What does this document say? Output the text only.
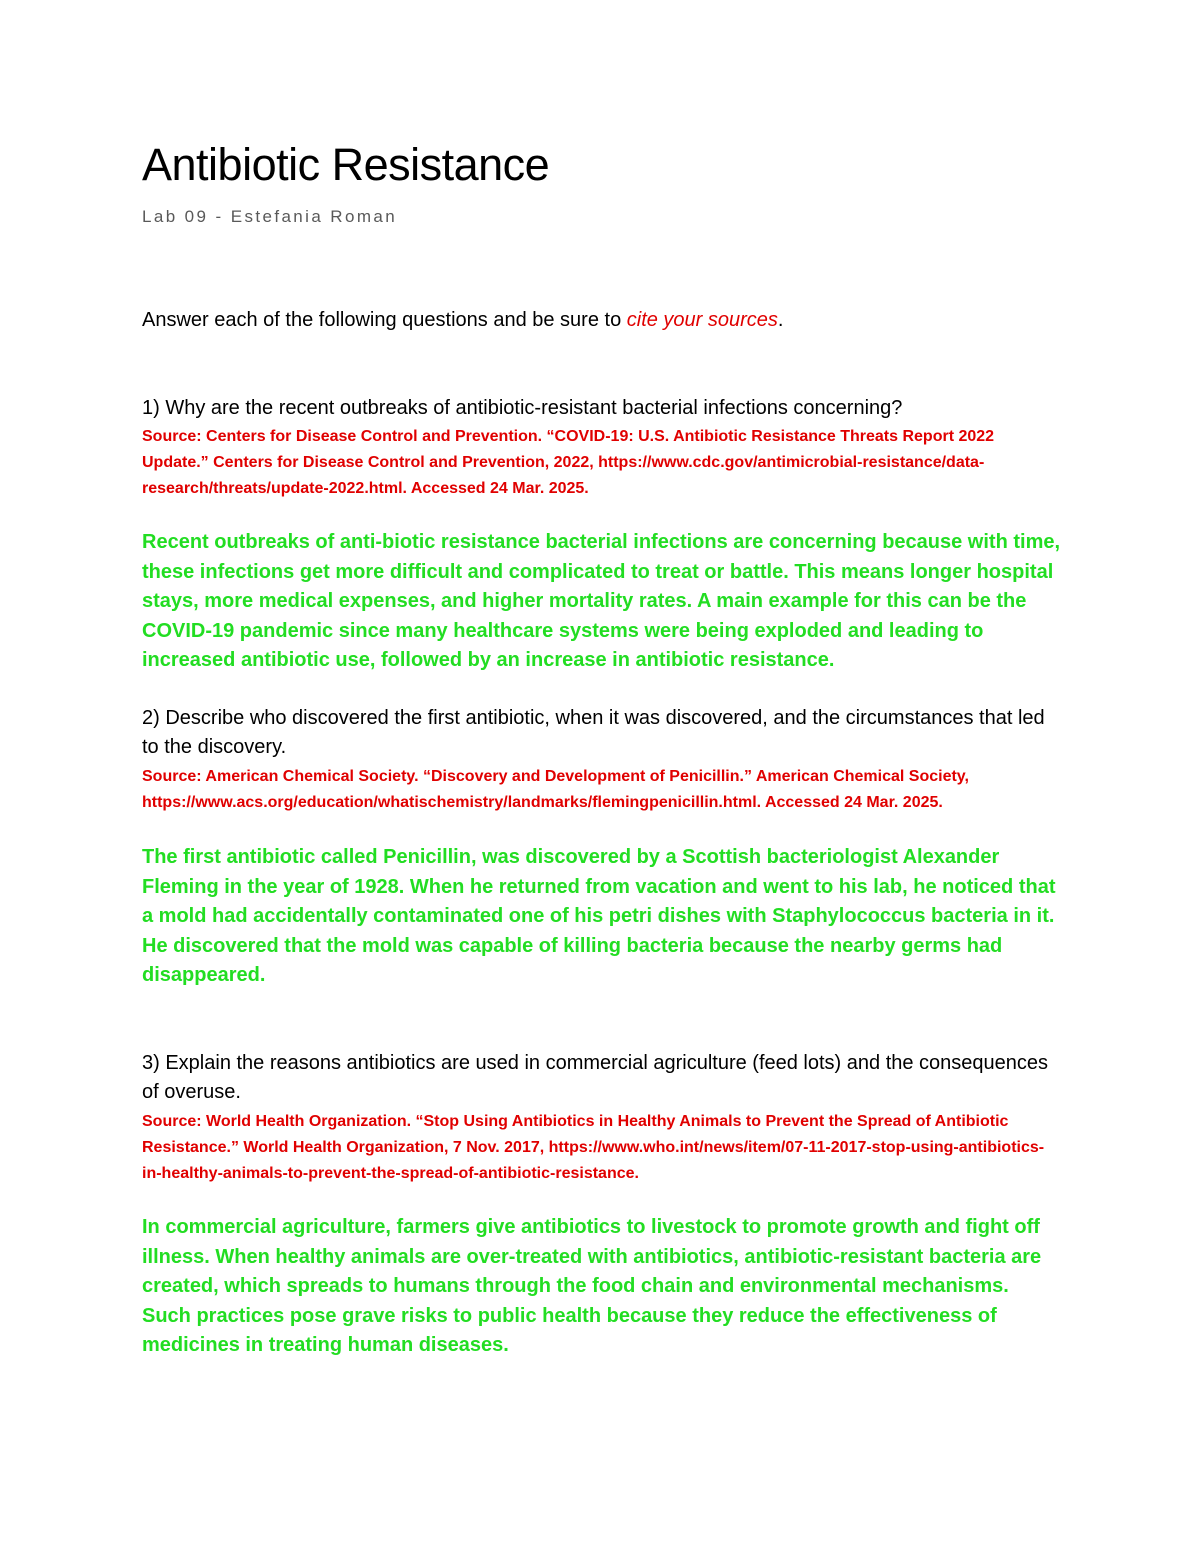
Antibiotic Resistance
Lab 09 - Estefania Roman
Answer each of the following questions and be sure to cite your sources.
1) Why are the recent outbreaks of antibiotic-resistant bacterial infections concerning?
Source: Centers for Disease Control and Prevention. “COVID-19: U.S. Antibiotic Resistance Threats Report 2022 Update.” Centers for Disease Control and Prevention, 2022, https://www.cdc.gov/antimicrobial-resistance/data-research/threats/update-2022.html. Accessed 24 Mar. 2025.
Recent outbreaks of anti-biotic resistance bacterial infections are concerning because with time, these infections get more difficult and complicated to treat or battle. This means longer hospital stays, more medical expenses, and higher mortality rates. A main example for this can be the COVID-19 pandemic since many healthcare systems were being exploded and leading to increased antibiotic use, followed by an increase in antibiotic resistance.
2) Describe who discovered the first antibiotic, when it was discovered, and the circumstances that led to the discovery.
Source: American Chemical Society. “Discovery and Development of Penicillin.” American Chemical Society, https://www.acs.org/education/whatischemistry/landmarks/flemingpenicillin.html. Accessed 24 Mar. 2025.
The first antibiotic called Penicillin, was discovered by a Scottish bacteriologist Alexander Fleming in the year of 1928. When he returned from vacation and went to his lab, he noticed that a mold had accidentally contaminated one of his petri dishes with Staphylococcus bacteria in it. He discovered that the mold was capable of killing bacteria because the nearby germs had disappeared.
3) Explain the reasons antibiotics are used in commercial agriculture (feed lots) and the consequences of overuse.
Source: World Health Organization. “Stop Using Antibiotics in Healthy Animals to Prevent the Spread of Antibiotic Resistance.” World Health Organization, 7 Nov. 2017, https://www.who.int/news/item/07-11-2017-stop-using-antibiotics-in-healthy-animals-to-prevent-the-spread-of-antibiotic-resistance.
In commercial agriculture, farmers give antibiotics to livestock to promote growth and fight off illness. When healthy animals are over-treated with antibiotics, antibiotic-resistant bacteria are created, which spreads to humans through the food chain and environmental mechanisms. Such practices pose grave risks to public health because they reduce the effectiveness of medicines in treating human diseases.
